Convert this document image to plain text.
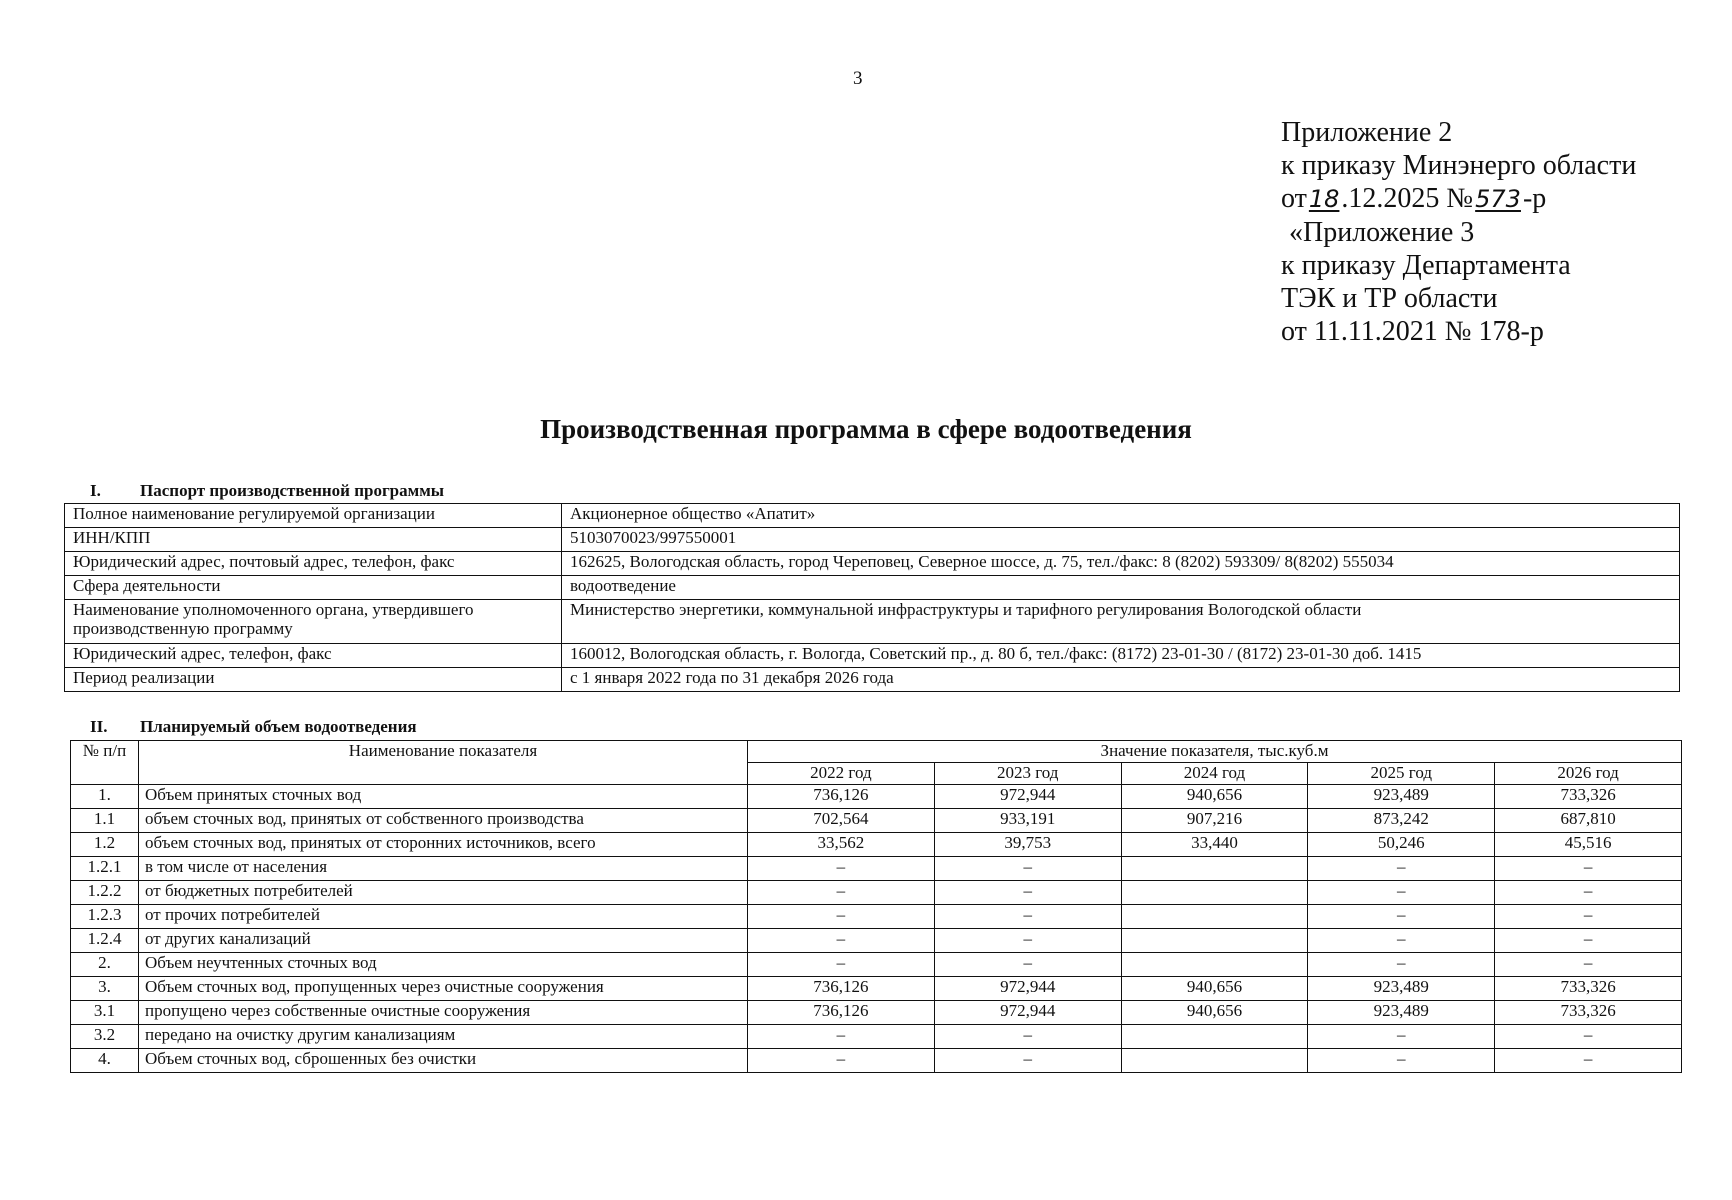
3
Приложение 2
к приказу Минэнерго области
от18.12.2025 №573-р
«Приложение 3
к приказу Департамента
ТЭК и ТР области
от 11.11.2021 № 178-р
Производственная программа в сфере водоотведения
I. Паспорт производственной программы
Полное наименование регулируемой организации	Акционерное общество «Апатит»
ИНН/КПП	5103070023/997550001
Юридический адрес, почтовый адрес, телефон, факс	162625, Вологодская область, город Череповец, Северное шоссе, д. 75, тел./факс: 8 (8202) 593309/ 8(8202) 555034
Сфера деятельности	водоотведение
Наименование уполномоченного органа, утвердившего производственную программу	Министерство энергетики, коммунальной инфраструктуры и тарифного регулирования Вологодской области
Юридический адрес, телефон, факс	160012, Вологодская область, г. Вологда, Советский пр., д. 80 б, тел./факс: (8172) 23-01-30 / (8172) 23-01-30 доб. 1415
Период реализации	с 1 января 2022 года по 31 декабря 2026 года
II. Планируемый объем водоотведения
№ п/п	Наименование показателя	Значение показателя, тыс.куб.м				
		2022 год	2023 год	2024 год	2025 год	2026 год
1.	Объем принятых сточных вод	736,126	972,944	940,656	923,489	733,326
1.1	объем сточных вод, принятых от собственного производства	702,564	933,191	907,216	873,242	687,810
1.2	объем сточных вод, принятых от сторонних источников, всего	33,562	39,753	33,440	50,246	45,516
1.2.1	в том числе от населения	–	–		–	–
1.2.2	от бюджетных потребителей	–	–		–	–
1.2.3	от прочих потребителей	–	–		–	–
1.2.4	от других канализаций	–	–		–	–
2.	Объем неучтенных сточных вод	–	–		–	–
3.	Объем сточных вод, пропущенных через очистные сооружения	736,126	972,944	940,656	923,489	733,326
3.1	пропущено через собственные очистные сооружения	736,126	972,944	940,656	923,489	733,326
3.2	передано на очистку другим канализациям	–	–		–	–
4.	Объем сточных вод, сброшенных без очистки	–	–		–	–
